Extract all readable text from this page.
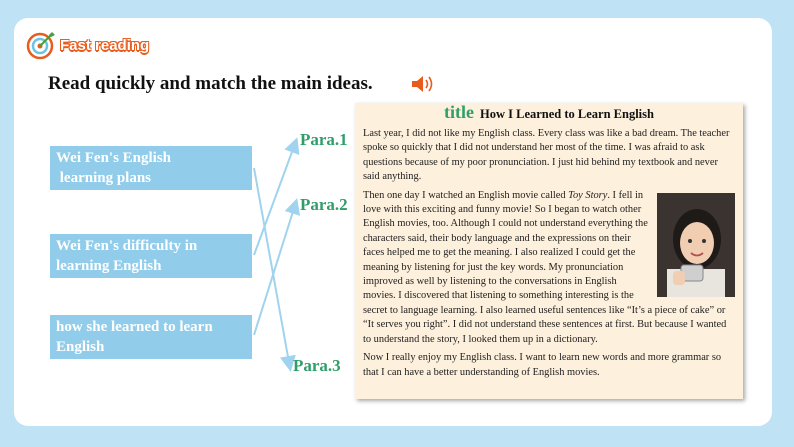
Fast reading
Read quickly and match the main ideas.
Wei Fen's English
learning plans
Wei Fen's difficulty in
learning English
how she learned to learn
English
Para.1
Para.2
Para.3
title How I Learned to Learn English

Last year, I did not like my English class. Every class was like a bad dream. The teacher spoke so quickly that I did not understand her most of the time. I was afraid to ask questions because of my poor pronunciation. I just hid behind my textbook and never said anything.

Then one day I watched an English movie called Toy Story. I fell in love with this exciting and funny movie! So I began to watch other English movies, too. Although I could not understand everything the characters said, their body language and the expressions on their faces helped me to get the meaning. I also realized I could get the meaning by listening for just the key words. My pronunciation improved as well by listening to the conversations in English movies. I discovered that listening to something interesting is the secret to language learning. I also learned useful sentences like “It’s a piece of cake” or “It serves you right”. I did not understand these sentences at first. But because I wanted to understand the story, I looked them up in a dictionary.

Now I really enjoy my English class. I want to learn new words and more grammar so that I can have a better understanding of English movies.
